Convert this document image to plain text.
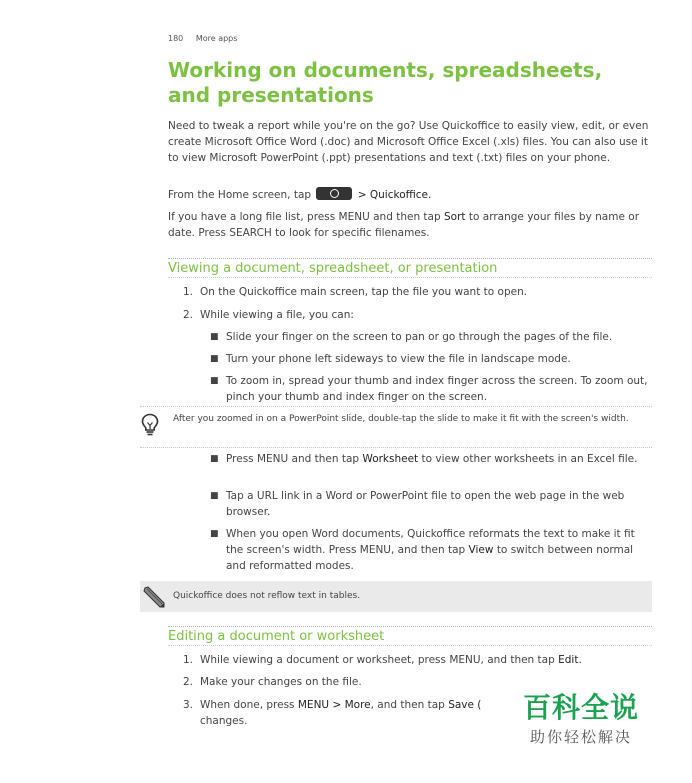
180 More apps
Working on documents, spreadsheets, and presentations

Need to tweak a report while you're on the go? Use Quickoffice to easily view, edit, or even create Microsoft Office Word (.doc) and Microsoft Office Excel (.xls) files. You can also use it to view Microsoft PowerPoint (.ppt) presentations and text (.txt) files on your phone.

From the Home screen, tap	> Quickoffice.

If you have a long file list, press MENU and then tap Sort to arrange your files by name or date. Press SEARCH to look for specific filenames.

Viewing a document, spreadsheet, or presentation
1. On the Quickoffice main screen, tap the file you want to open.
2. While viewing a file, you can:
■ Slide your finger on the screen to pan or go through the pages of the file.
■ Turn your phone left sideways to view the file in landscape mode.
■ To zoom in, spread your thumb and index finger across the screen. To zoom out, pinch your thumb and index finger on the screen.
After you zoomed in on a PowerPoint slide, double-tap the slide to make it fit with the screen's width.
■ Press MENU and then tap Worksheet to view other worksheets in an Excel file.
■ Tap a URL link in a Word or PowerPoint file to open the web page in the web browser.
■ When you open Word documents, Quickoffice reformats the text to make it fit the screen's width. Press MENU, and then tap View to switch between normal and reformatted modes.
Quickoffice does not reflow text in tables.
Editing a document or worksheet
1. While viewing a document or worksheet, press MENU, and then tap Edit.
2. Make your changes on the file.
3. When done, press MENU > More, and then tap Save (
changes.	百科全说
助你轻松解决
